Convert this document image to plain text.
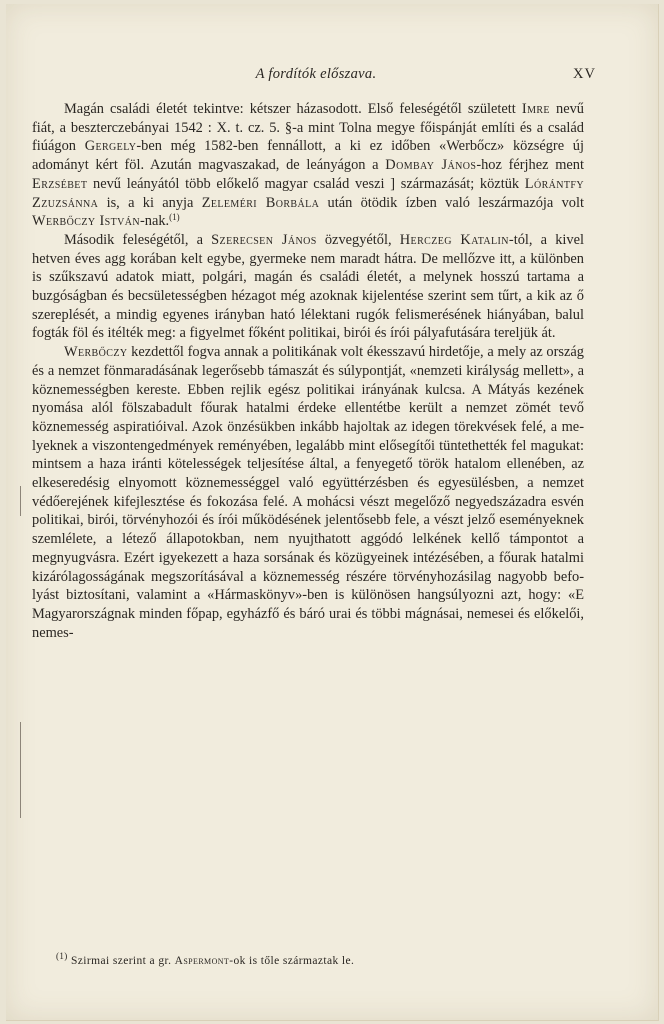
A fordítók előszava.	XV

Magán családi életét tekintve: kétszer házasodott. Első feleségétől született Imre nevű fiát, a beszterczebányai 1542 : X. t. cz. 5. §-a mint Tolna megye főispánját említi és a család fiúágon Gergely-ben még 1582-ben fennállott, a ki ez időben «Werbőcz» községre új adományt kért föl. Azután magvaszakad, de leányágon a Dombay János-hoz férjhez ment Erzsébet nevű leányától több előkelő magyar család veszi ] származását; köztük Lórántfy Zzuzsánna is, a ki anyja Zeleméri Borbála után ötödik ízben való leszármazója volt Werbőczy István-nak.$^{(1)}$

Második feleségétől, a Szerecsen János özvegyétől, Herczeg Katalin-tól, a kivel hetven éves agg korában kelt egybe, gyermeke nem maradt hátra. De mellőzve itt, a különben is szűkszavú adatok miatt, polgári, magán és családi életét, a melynek hosszú tartama a buzgóságban és becsületességben hézagot még azoknak kijelentése szerint sem tűrt, a kik az ő szereplését, a mindig egyenes irányban ható lélektani rugók felismerésének hiányában, balul fogták föl és itélték meg: a figyelmet főként politikai, birói és írói pályafutására tereljük át.

Werbőczy kezdettől fogva annak a politikának volt ékesszavú hirdetője, a mely az ország és a nemzet fönmaradásának legerősebb támaszát és súlypontját, «nemzeti királyság mellett», a köznemességben kereste. Ebben rejlik egész politikai irányának kulcsa. A Mátyás kezének nyomása alól fölszabadult főurak hatalmi érdeke ellentétbe került a nemzet zömét tevő köznemesség aspiratióival. Azok önzésükben inkább hajoltak az idegen törekvések felé, a melyeknek a viszontengedmények reményében, legalább mint elősegítői tüntethették fel magukat: mintsem a haza iránti kötelességek teljesítése által, a fenyegető török hatalom ellenében, az elkeseredésig elnyomott köznemességgel való együttérzésben és egyesülésben, a nemzet védőerejének kifejlesztése és fokozása felé. A mohácsi vészt megelőző negyedszázadra esvén politikai, birói, törvényhozói és írói működésének jelentősebb fele, a vészt jelző eseményeknek szemlélete, a létező állapotokban, nem nyujthatott aggódó lelkének kellő támpontot a megnyugvásra. Ezért igyekezett a haza sorsának és közügyeinek intézésében, a főurak hatalmi kizárólagosságának megszorításával a köznemesség részére törvényhozásilag nagyobb befolyást biztosítani, valamint a «Hármaskönyv»-ben is különösen hangsúlyozni azt, hogy: «E Magyarországnak minden főpap, egyházfő és báró urai és többi mágnásai, nemesei és előkelői, nemes-

$^{(1)}$ Szirmai szerint a gr. Aspermont-ok is tőle származtak le.
